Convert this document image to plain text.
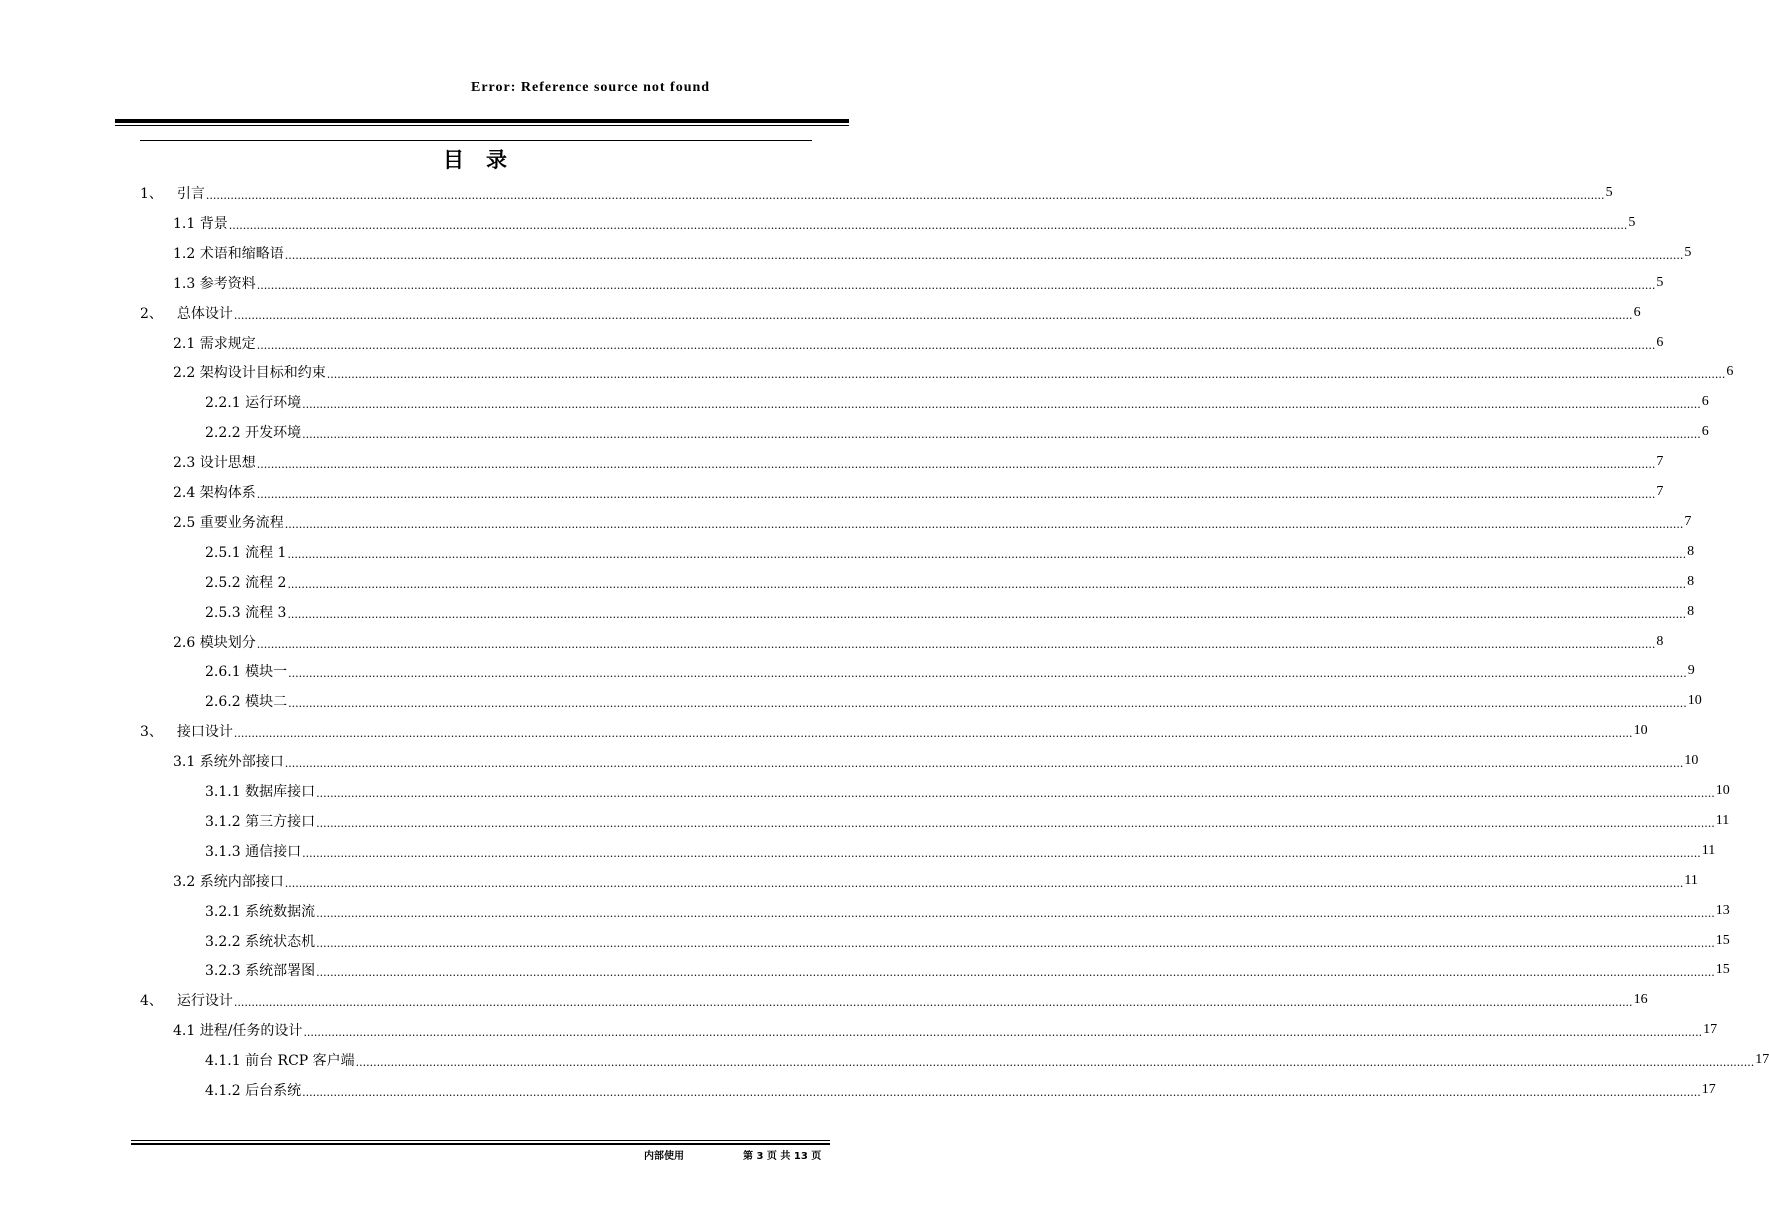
Error: Reference source not found
目录
1、 引言 ................................................................................................................................................................................................................................................................................................................................................................................................................ 5
1.1 背景 ................................................................................................................................................................................................................................................................................................................................................................................................................ 5
1.2 术语和缩略语 ................................................................................................................................................................................................................................................................................................................................................................................................................ 5
1.3 参考资料 ................................................................................................................................................................................................................................................................................................................................................................................................................ 5
2、 总体设计 ................................................................................................................................................................................................................................................................................................................................................................................................................ 6
2.1 需求规定 ................................................................................................................................................................................................................................................................................................................................................................................................................ 6
2.2 架构设计目标和约束 ................................................................................................................................................................................................................................................................................................................................................................................................................ 6
2.2.1 运行环境 ................................................................................................................................................................................................................................................................................................................................................................................................................ 6
2.2.2 开发环境 ................................................................................................................................................................................................................................................................................................................................................................................................................ 6
2.3 设计思想 ................................................................................................................................................................................................................................................................................................................................................................................................................ 7
2.4 架构体系 ................................................................................................................................................................................................................................................................................................................................................................................................................ 7
2.5 重要业务流程 ................................................................................................................................................................................................................................................................................................................................................................................................................ 7
2.5.1 流程 1 ................................................................................................................................................................................................................................................................................................................................................................................................................ 8
2.5.2 流程 2 ................................................................................................................................................................................................................................................................................................................................................................................................................ 8
2.5.3 流程 3 ................................................................................................................................................................................................................................................................................................................................................................................................................ 8
2.6 模块划分 ................................................................................................................................................................................................................................................................................................................................................................................................................ 8
2.6.1 模块一 ................................................................................................................................................................................................................................................................................................................................................................................................................ 9
2.6.2 模块二 ................................................................................................................................................................................................................................................................................................................................................................................................................ 10
3、 接口设计 ................................................................................................................................................................................................................................................................................................................................................................................................................ 10
3.1 系统外部接口 ................................................................................................................................................................................................................................................................................................................................................................................................................ 10
3.1.1 数据库接口 ................................................................................................................................................................................................................................................................................................................................................................................................................ 10
3.1.2 第三方接口 ................................................................................................................................................................................................................................................................................................................................................................................................................ 11
3.1.3 通信接口 ................................................................................................................................................................................................................................................................................................................................................................................................................ 11
3.2 系统内部接口 ................................................................................................................................................................................................................................................................................................................................................................................................................ 11
3.2.1 系统数据流 ................................................................................................................................................................................................................................................................................................................................................................................................................ 13
3.2.2 系统状态机 ................................................................................................................................................................................................................................................................................................................................................................................................................ 15
3.2.3 系统部署图 ................................................................................................................................................................................................................................................................................................................................................................................................................ 15
4、 运行设计 ................................................................................................................................................................................................................................................................................................................................................................................................................ 16
4.1 进程/任务的设计 ................................................................................................................................................................................................................................................................................................................................................................................................................ 17
4.1.1 前台 RCP 客户端 ................................................................................................................................................................................................................................................................................................................................................................................................................ 17
4.1.2 后台系统 ................................................................................................................................................................................................................................................................................................................................................................................................................ 17
内部使用	第 3 页 共 13 页
